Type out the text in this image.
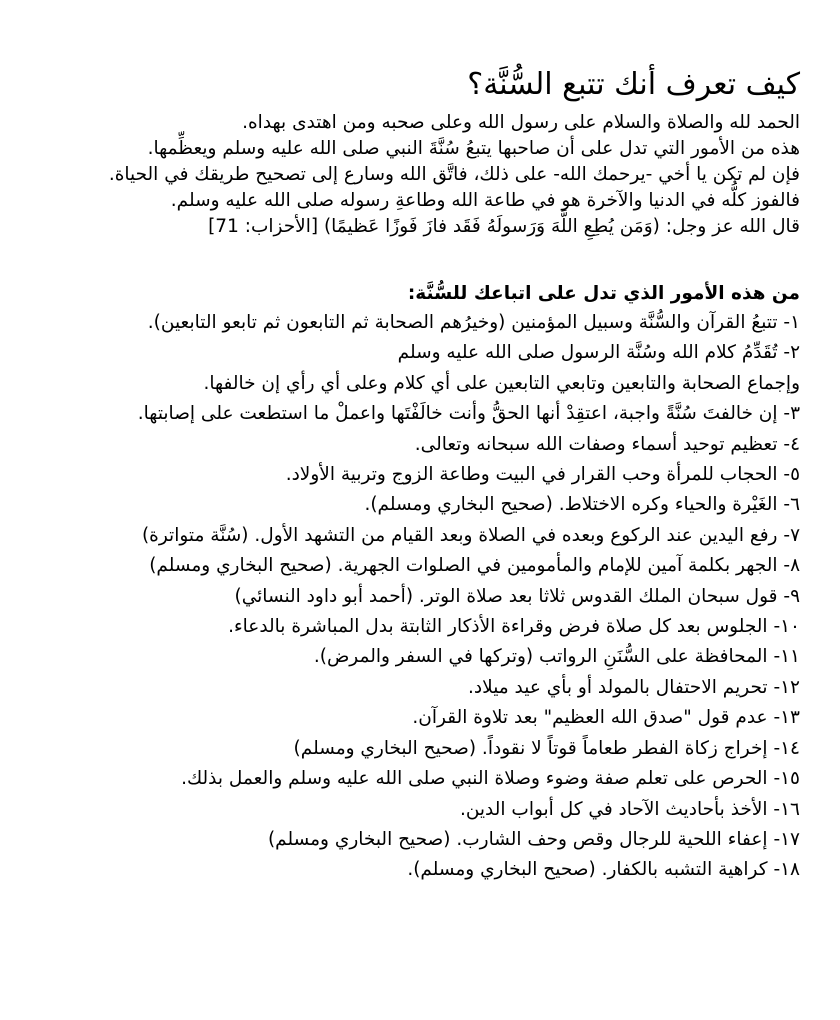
كيف تعرف أنك تتبع السُّنَّة؟

الحمد لله والصلاة والسلام على رسول الله وعلى صحبه ومن اهتدى بهداه.

هذه من الأمور التي تدل على أن صاحبها يتبعُ سُنَّةَ النبي صلى الله عليه وسلم ويعظِّمها.

فإن لم تكن يا أخي -يرحمك الله- على ذلك، فاتَّق الله وسارع إلى تصحيح طريقك في الحياة.

فالفوز كلُّه في الدنيا والآخرة هو في طاعة الله وطاعةِ رسوله صلى الله عليه وسلم.

قال الله عز وجل: (وَمَن يُطِعِ اللَّهَ وَرَسولَهُ فَقَد فازَ فَوزًا عَظيمًا) [الأحزاب: 71]

من هذه الأمور الذي تدل على اتباعك للسُّنَّة:

١- تتبعُ القرآن والسُّنَّة وسبيل المؤمنين (وخيرُهم الصحابة ثم التابعون ثم تابعو التابعين).

٢- تُقَدِّمُ كلام الله وسُنَّة الرسول صلى الله عليه وسلم

وإجماع الصحابة والتابعين وتابعي التابعين على أي كلام وعلى أي رأي إن خالفها.

٣- إن خالفتَ سُنَّةً واجبة، اعتقِدْ أنها الحقُّ وأنت خالَفْتَها واعملْ ما استطعت على إصابتها.

٤- تعظيم توحيد أسماء وصفات الله سبحانه وتعالى.

٥- الحجاب للمرأة وحب القرار في البيت وطاعة الزوج وتربية الأولاد.

٦- الغَيْرة والحياء وكره الاختلاط. (صحيح البخاري ومسلم).

٧- رفع اليدين عند الركوع وبعده في الصلاة وبعد القيام من التشهد الأول. (سُنَّة متواترة)

٨- الجهر بكلمة آمين للإمام والمأمومين في الصلوات الجهرية. (صحيح البخاري ومسلم)

٩- قول سبحان الملك القدوس ثلاثا بعد صلاة الوتر. (أحمد أبو داود النسائي)

١٠- الجلوس بعد كل صلاة فرض وقراءة الأذكار الثابتة بدل المباشرة بالدعاء.

١١- المحافظة على السُّنَنِ الرواتب (وتركها في السفر والمرض).

١٢- تحريم الاحتفال بالمولد أو بأي عيد ميلاد.

١٣- عدم قول "صدق الله العظيم" بعد تلاوة القرآن.

١٤- إخراج زكاة الفطر طعاماً قوتاً لا نقوداً. (صحيح البخاري ومسلم)

١٥- الحرص على تعلم صفة وضوء وصلاة النبي صلى الله عليه وسلم والعمل بذلك.

١٦- الأخذ بأحاديث الآحاد في كل أبواب الدين.

١٧- إعفاء اللحية للرجال وقص وحف الشارب. (صحيح البخاري ومسلم)

١٨- كراهية التشبه بالكفار. (صحيح البخاري ومسلم).
